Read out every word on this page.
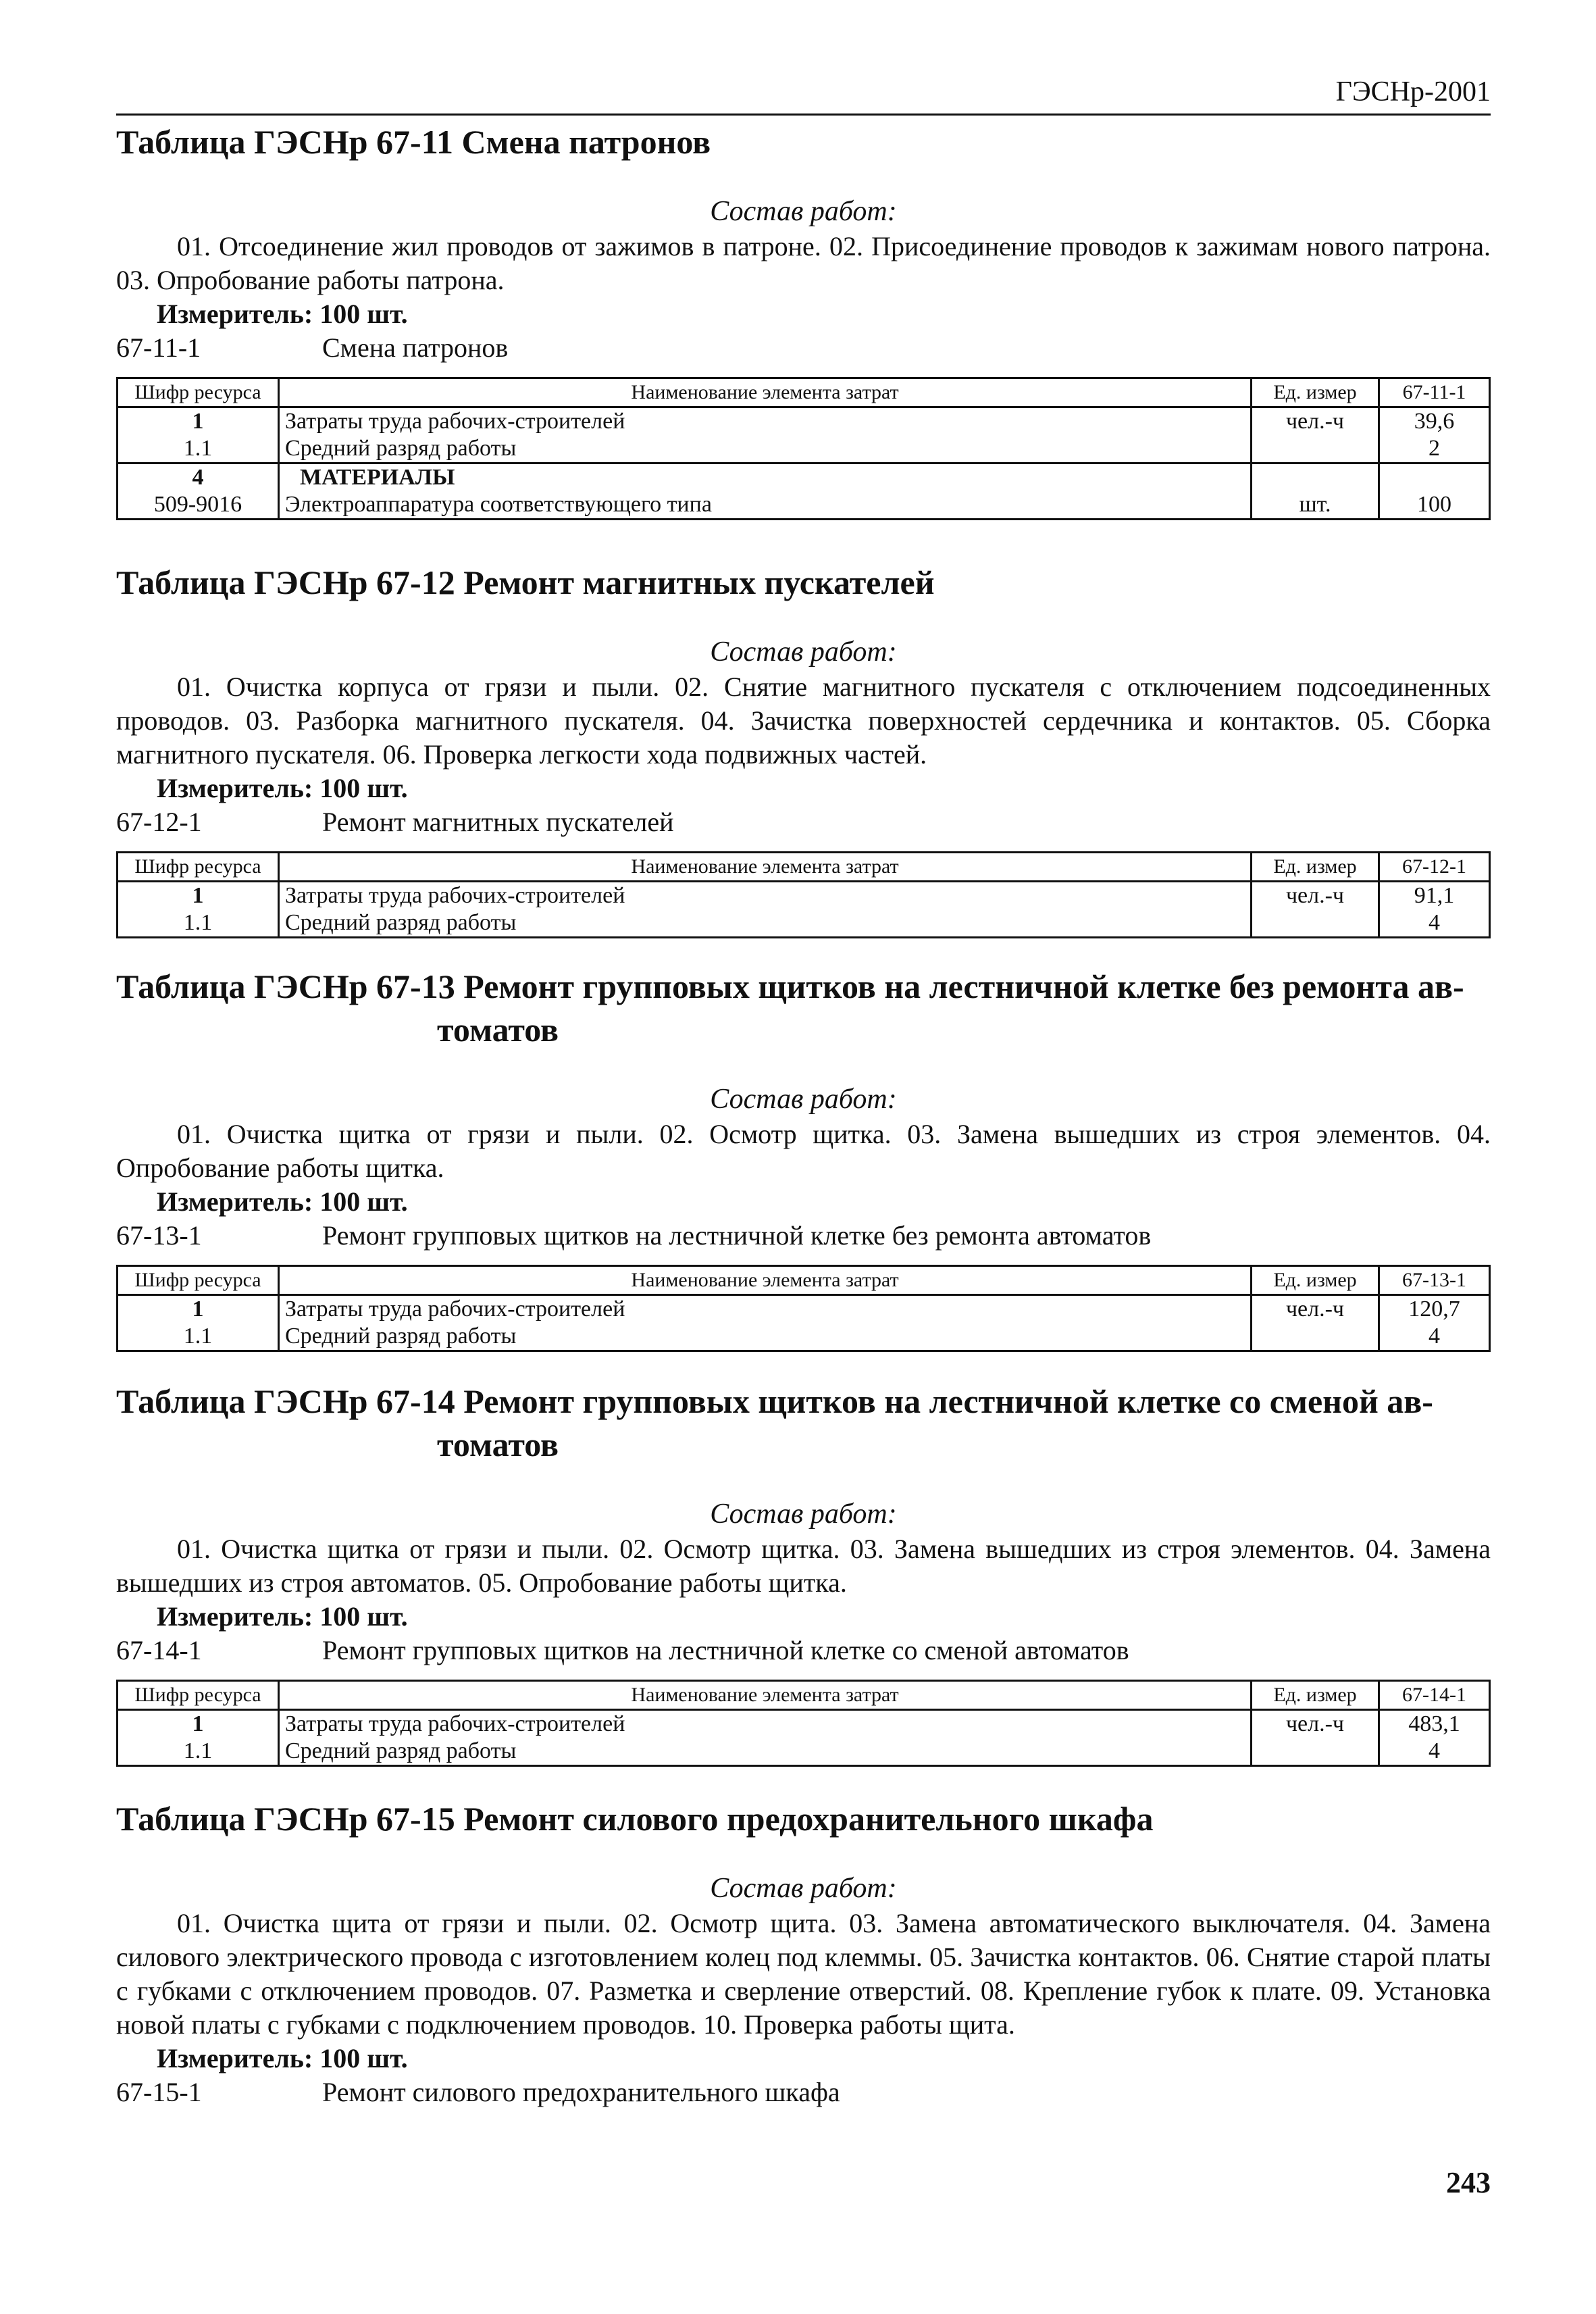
ГЭСНр-2001
Таблица ГЭСНр 67-11 Смена патронов
Состав работ:

01. Отсоединение жил проводов от зажимов в патроне. 02. Присоединение проводов к зажимам нового патрона. 03. Опробование работы патрона.

Измеритель: 100 шт.
67-11-1	Смена патронов
Шифр ресурса	Наименование элемента затрат	Ед. измер	67-11-1
1	Затраты труда рабочих-строителей	чел.-ч	39,6
1.1	Средний разряд работы		2
4	МАТЕРИАЛЫ		
509-9016	Электроаппаратура соответствующего типа	шт.	100
Таблица ГЭСНр 67-12 Ремонт магнитных пускателей
Состав работ:

01. Очистка корпуса от грязи и пыли. 02. Снятие магнитного пускателя с отключением подсоединенных проводов. 03. Разборка магнитного пускателя. 04. Зачистка поверхностей сердечника и контактов. 05. Сборка магнитного пускателя. 06. Проверка легкости хода подвижных частей.

Измеритель: 100 шт.
67-12-1	Ремонт магнитных пускателей
Шифр ресурса	Наименование элемента затрат	Ед. измер	67-12-1
1	Затраты труда рабочих-строителей	чел.-ч	91,1
1.1	Средний разряд работы		4
Таблица ГЭСНр 67-13 Ремонт групповых щитков на лестничной клетке без ремонта ав-
томатов
Состав работ:

01. Очистка щитка от грязи и пыли. 02. Осмотр щитка. 03. Замена вышедших из строя элементов. 04. Опробование работы щитка.

Измеритель: 100 шт.
67-13-1	Ремонт групповых щитков на лестничной клетке без ремонта автоматов
Шифр ресурса	Наименование элемента затрат	Ед. измер	67-13-1
1	Затраты труда рабочих-строителей	чел.-ч	120,7
1.1	Средний разряд работы		4
Таблица ГЭСНр 67-14 Ремонт групповых щитков на лестничной клетке со сменой ав-
томатов
Состав работ:

01. Очистка щитка от грязи и пыли. 02. Осмотр щитка. 03. Замена вышедших из строя элементов. 04. Замена вышедших из строя автоматов. 05. Опробование работы щитка.

Измеритель: 100 шт.
67-14-1	Ремонт групповых щитков на лестничной клетке со сменой автоматов
Шифр ресурса	Наименование элемента затрат	Ед. измер	67-14-1
1	Затраты труда рабочих-строителей	чел.-ч	483,1
1.1	Средний разряд работы		4
Таблица ГЭСНр 67-15 Ремонт силового предохранительного шкафа
Состав работ:

01. Очистка щита от грязи и пыли. 02. Осмотр щита. 03. Замена автоматического выключателя. 04. Замена силового электрического провода с изготовлением колец под клеммы. 05. Зачистка контактов. 06. Снятие старой платы с губками с отключением проводов. 07. Разметка и сверление отверстий. 08. Крепление губок к плате. 09. Установка новой платы с губками с подключением проводов. 10. Проверка работы щита.

Измеритель: 100 шт.
67-15-1	Ремонт силового предохранительного шкафа
243
